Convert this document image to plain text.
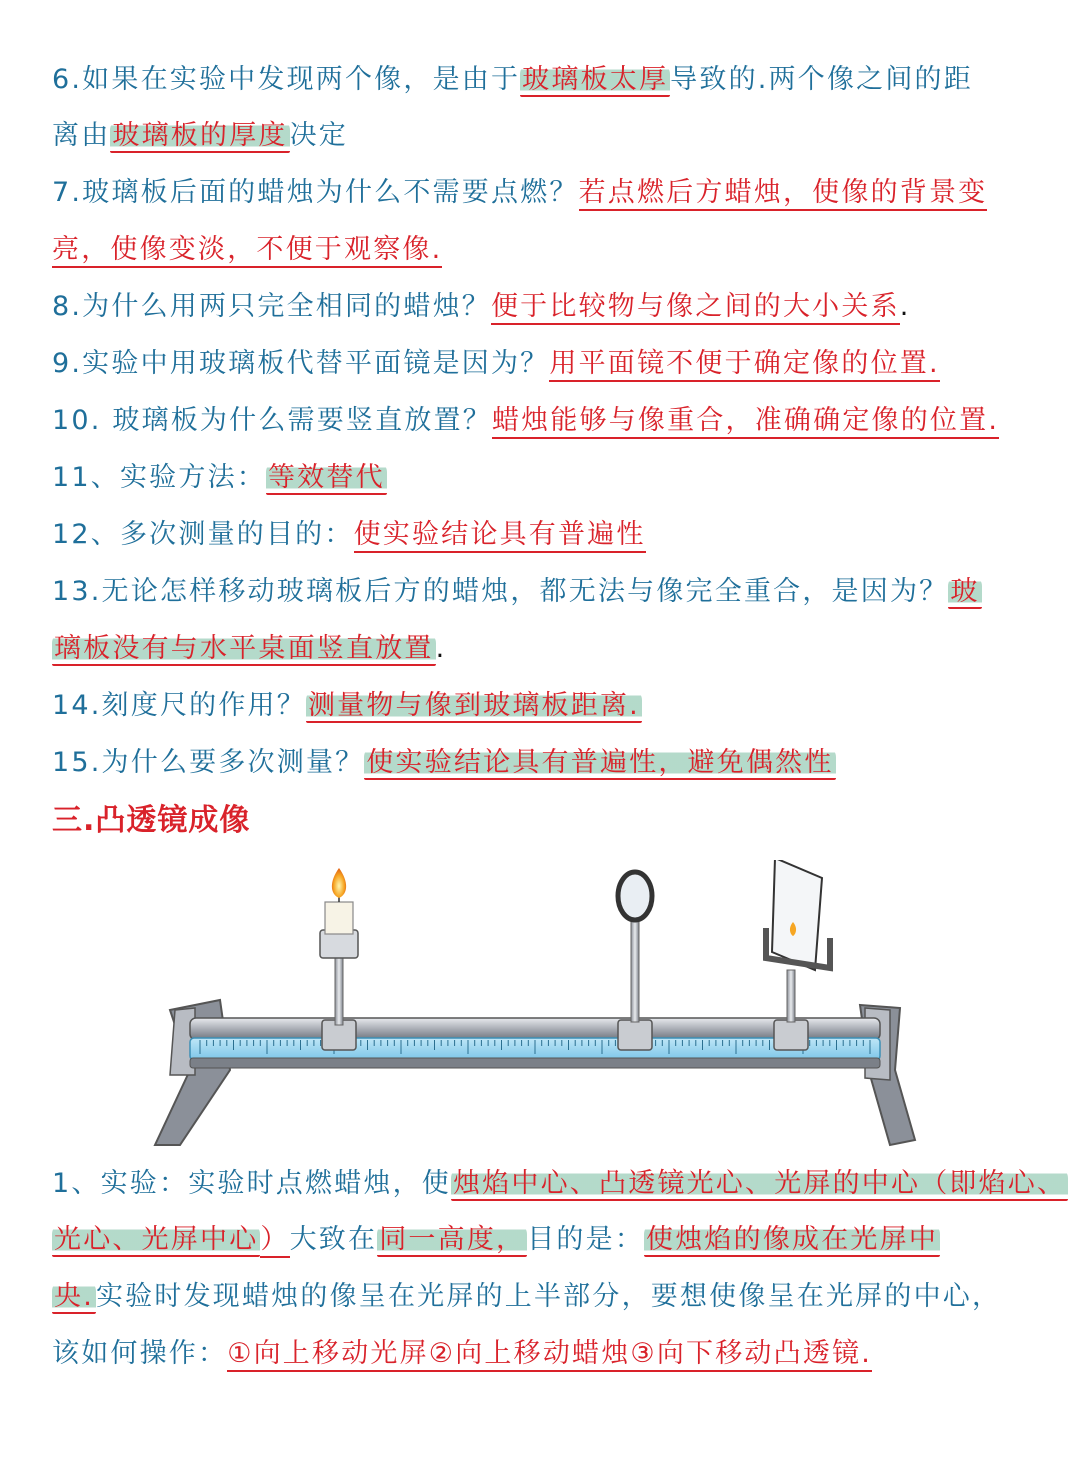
6.如果在实验中发现两个像，是由于玻璃板太厚导致的.两个像之间的距
离由玻璃板的厚度决定
7.玻璃板后面的蜡烛为什么不需要点燃？若点燃后方蜡烛，使像的背景变
亮，使像变淡，不便于观察像.
8.为什么用两只完全相同的蜡烛？便于比较物与像之间的大小关系.
9.实验中用玻璃板代替平面镜是因为？用平面镜不便于确定像的位置.
10. 玻璃板为什么需要竖直放置？蜡烛能够与像重合，准确确定像的位置.
11、实验方法：等效替代
12、多次测量的目的：使实验结论具有普遍性
13.无论怎样移动玻璃板后方的蜡烛，都无法与像完全重合，是因为？玻
璃板没有与水平桌面竖直放置.
14.刻度尺的作用？测量物与像到玻璃板距离.
15.为什么要多次测量？使实验结论具有普遍性，避免偶然性
三.凸透镜成像
1、实验：实验时点燃蜡烛，使烛焰中心、凸透镜光心、光屏的中心（即焰心、
光心、光屏中心）大致在同一高度，目的是：使烛焰的像成在光屏中
央.实验时发现蜡烛的像呈在光屏的上半部分，要想使像呈在光屏的中心，
该如何操作：①向上移动光屏②向上移动蜡烛③向下移动凸透镜.
